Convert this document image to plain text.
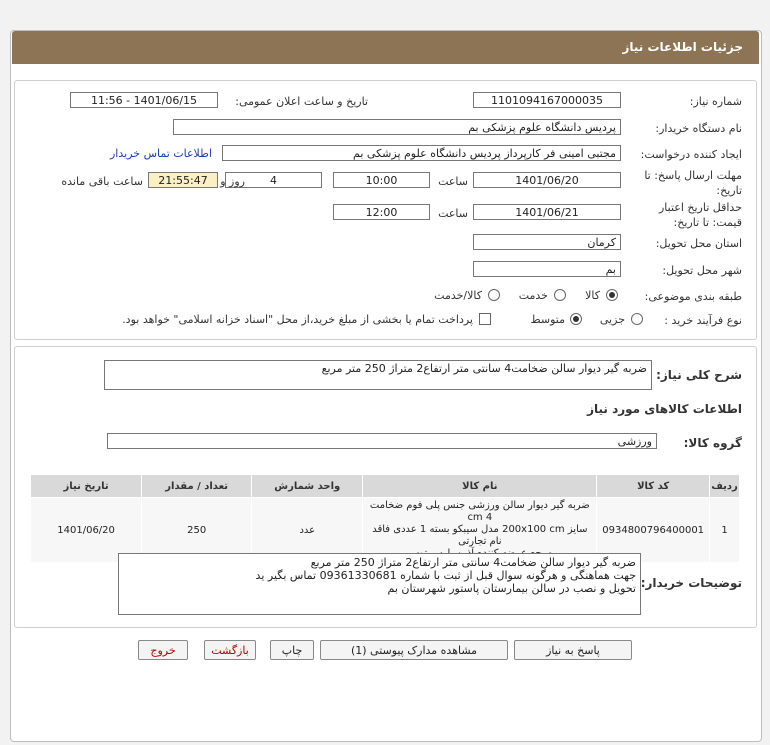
جزئیات اطلاعات نیاز
شماره نیاز:
1101094167000035
تاریخ و ساعت اعلان عمومی:
1401/06/15 - 11:56
نام دستگاه خریدار:
پردیس دانشگاه علوم پزشکی بم
ایجاد کننده درخواست:
مجتبی امینی فر کارپرداز پردیس دانشگاه علوم پزشکی بم
اطلاعات تماس خریدار
مهلت ارسال پاسخ: تا
تاریخ:
1401/06/20
ساعت
10:00
4
روز و
21:55:47
ساعت باقی مانده
حداقل تاریخ اعتبار
قیمت: تا تاریخ:
1401/06/21
ساعت
12:00
استان محل تحویل:
کرمان
شهر محل تحویل:
بم
طبقه بندی موضوعی:
کالا
خدمت
کالا/خدمت
نوع فرآیند خرید :
جزیی
متوسط
پرداخت تمام یا بخشی از مبلغ خرید،از محل "اسناد خزانه اسلامی" خواهد بود.
شرح کلی نیاز:
ضربه گیر دیوار سالن ضخامت4 سانتی متر ارتفاع2 متراژ 250 متر مربع
اطلاعات کالاهای مورد نیاز
گروه کالا:
ورزشی
ردیف	کد کالا	نام کالا	واحد شمارش	تعداد / مقدار	تاریخ نیاز
1	0934800796400001	ضربه گیر دیوار سالن ورزشی جنس پلی فوم ضخامت 4 cm
سایز 200x100 cm مدل سیبکو بسته 1 عددی فاقد نام تجارتی	عدد	250	1401/06/20
توضیحات خریدار:
ضربه گیر دیوار سالن ضخامت4 سانتی متر ارتفاع2 متراژ 250 متر مربع
جهت هماهنگی و هرگونه سوال قبل از ثبت با شماره 09361330681 تماس بگیر ید
تحویل و نصب در سالن بیمارستان پاستور شهرستان بم
پاسخ به نیاز
مشاهده مدارک پیوستی (1)
چاپ
بازگشت
خروج
